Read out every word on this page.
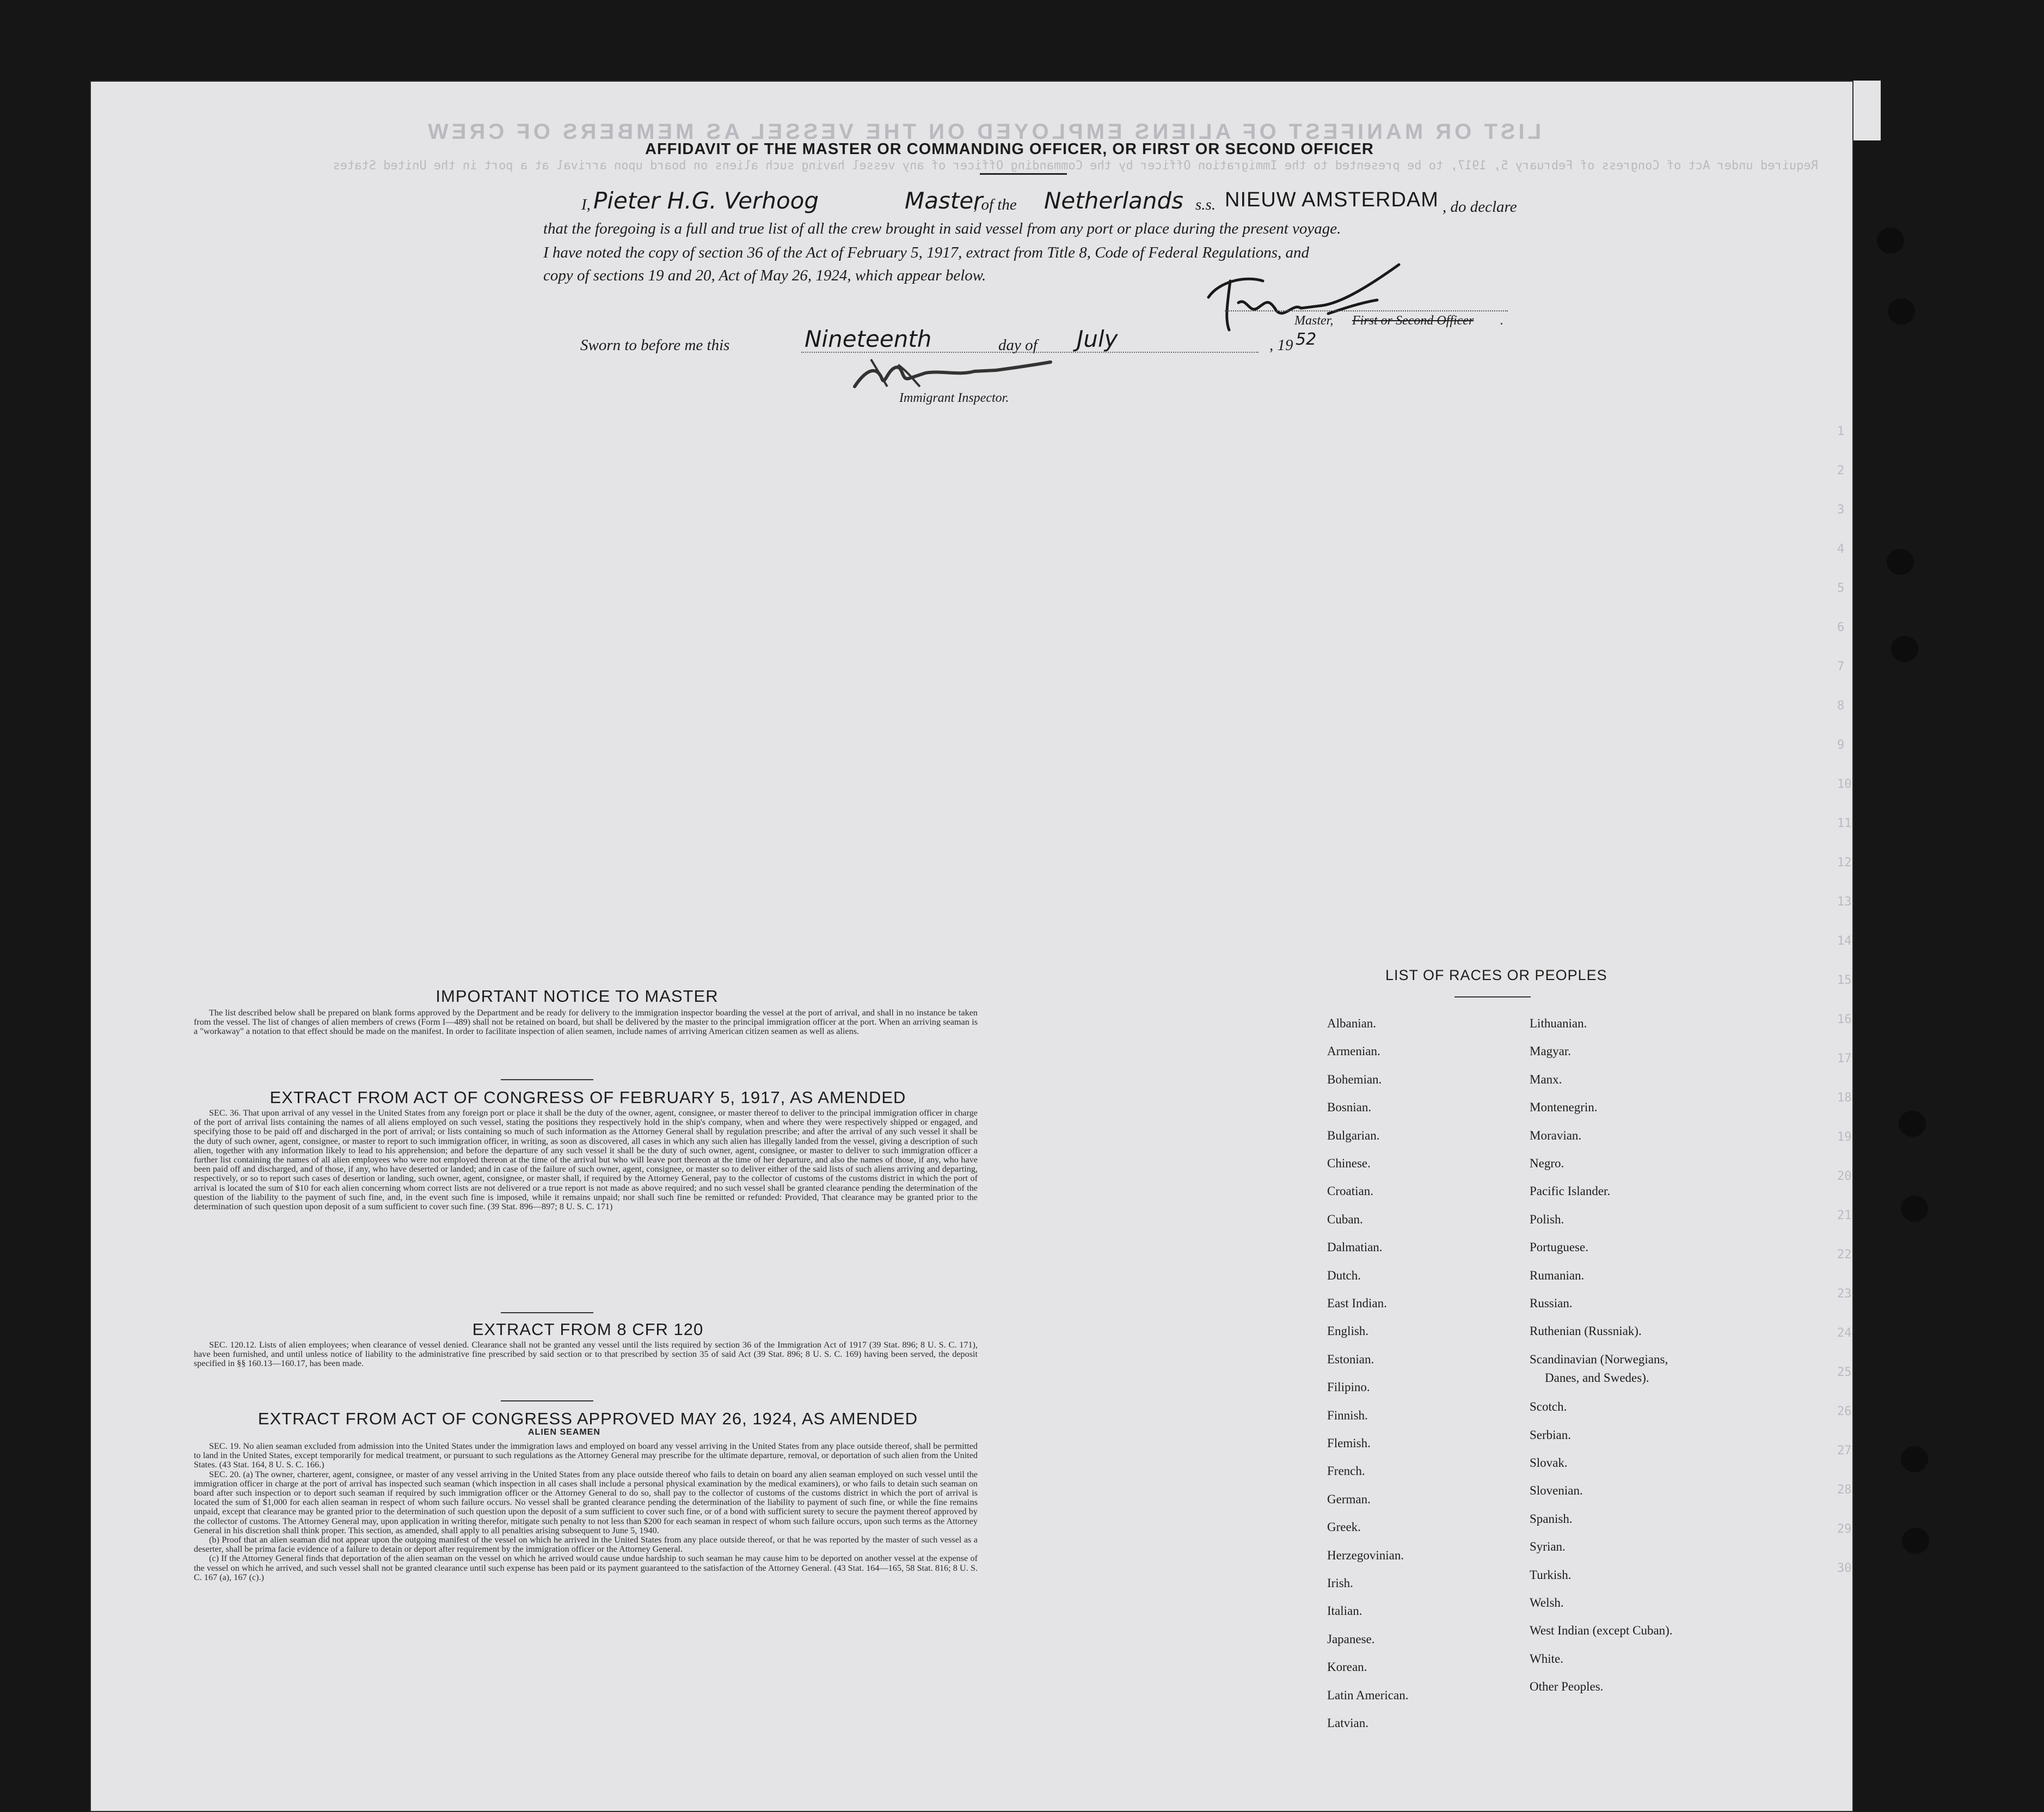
LIST OR MANIFEST OF ALIENS EMPLOYED ON THE VESSEL AS MEMBERS OF CREW
Required under Act of Congress of February 5, 1917, to be presented to the Immigration Officer by the Commanding Officer of any vessel having such aliens on board upon arrival at a port in the United States
1
2
3
4
5
6
7
8
9
10
11
12
13
14
15
16
17
18
19
20
21
22
23
24
25
26
27
28
29
30
AFFIDAVIT OF THE MASTER OR COMMANDING OFFICER, OR FIRST OR SECOND OFFICER
I, Pieter H.G. Verhoog	Master
, of the Netherlands s.s. NIEUW AMSTERDAM , do declare
that the foregoing is a full and true list of all the crew brought in said vessel from any port or place during the present voyage.
I have noted the copy of section 36 of the Act of February 5, 1917, extract from Title 8, Code of Federal Regulations, and
copy of sections 19 and 20, Act of May 26, 1924, which appear below.
Master, First or Second Officer .
Sworn to before me this	Nineteenth	day of July	, 19 52
Immigrant Inspector.
IMPORTANT NOTICE TO MASTER

The list described below shall be prepared on blank forms approved by the Department and be ready for delivery to the immigration inspector boarding the vessel at the port of arrival, and shall in no instance be taken from the vessel. The list of changes of alien members of crews (Form I—489) shall not be retained on board, but shall be delivered by the master to the principal immigration officer at the port. When an arriving seaman is a "workaway" a notation to that effect should be made on the manifest. In order to facilitate inspection of alien seamen, include names of arriving American citizen seamen as well as aliens.

EXTRACT FROM ACT OF CONGRESS OF FEBRUARY 5, 1917, AS AMENDED

SEC. 36. That upon arrival of any vessel in the United States from any foreign port or place it shall be the duty of the owner, agent, consignee, or master thereof to deliver to the principal immigration officer in charge of the port of arrival lists containing the names of all aliens employed on such vessel, stating the positions they respectively hold in the ship's company, when and where they were respectively shipped or engaged, and specifying those to be paid off and discharged in the port of arrival; or lists containing so much of such information as the Attorney General shall by regulation prescribe; and after the arrival of any such vessel it shall be the duty of such owner, agent, consignee, or master to report to such immigration officer, in writing, as soon as discovered, all cases in which any such alien has illegally landed from the vessel, giving a description of such alien, together with any information likely to lead to his apprehension; and before the departure of any such vessel it shall be the duty of such owner, agent, consignee, or master to deliver to such immigration officer a further list containing the names of all alien employees who were not employed thereon at the time of the arrival but who will leave port thereon at the time of her departure, and also the names of those, if any, who have been paid off and discharged, and of those, if any, who have deserted or landed; and in case of the failure of such owner, agent, consignee, or master so to deliver either of the said lists of such aliens arriving and departing, respectively, or so to report such cases of desertion or landing, such owner, agent, consignee, or master shall, if required by the Attorney General, pay to the collector of customs of the customs district in which the port of arrival is located the sum of $10 for each alien concerning whom correct lists are not delivered or a true report is not made as above required; and no such vessel shall be granted clearance pending the determination of the question of the liability to the payment of such fine, and, in the event such fine is imposed, while it remains unpaid; nor shall such fine be remitted or refunded: Provided, That clearance may be granted prior to the determination of such question upon deposit of a sum sufficient to cover such fine. (39 Stat. 896—897; 8 U. S. C. 171)

EXTRACT FROM 8 CFR 120

SEC. 120.12. Lists of alien employees; when clearance of vessel denied. Clearance shall not be granted any vessel until the lists required by section 36 of the Immigration Act of 1917 (39 Stat. 896; 8 U. S. C. 171), have been furnished, and until unless notice of liability to the administrative fine prescribed by said section or to that prescribed by section 35 of said Act (39 Stat. 896; 8 U. S. C. 169) having been served, the deposit specified in §§ 160.13—160.17, has been made.

EXTRACT FROM ACT OF CONGRESS APPROVED MAY 26, 1924, AS AMENDED
ALIEN SEAMEN

SEC. 19. No alien seaman excluded from admission into the United States under the immigration laws and employed on board any vessel arriving in the United States from any place outside thereof, shall be permitted to land in the United States, except temporarily for medical treatment, or pursuant to such regulations as the Attorney General may prescribe for the ultimate departure, removal, or deportation of such alien from the United States. (43 Stat. 164, 8 U. S. C. 166.)

SEC. 20. (a) The owner, charterer, agent, consignee, or master of any vessel arriving in the United States from any place outside thereof who fails to detain on board any alien seaman employed on such vessel until the immigration officer in charge at the port of arrival has inspected such seaman (which inspection in all cases shall include a personal physical examination by the medical examiners), or who fails to detain such seaman on board after such inspection or to deport such seaman if required by such immigration officer or the Attorney General to do so, shall pay to the collector of customs of the customs district in which the port of arrival is located the sum of $1,000 for each alien seaman in respect of whom such failure occurs. No vessel shall be granted clearance pending the determination of the liability to payment of such fine, or while the fine remains unpaid, except that clearance may be granted prior to the determination of such question upon the deposit of a sum sufficient to cover such fine, or of a bond with sufficient surety to secure the payment thereof approved by the collector of customs. The Attorney General may, upon application in writing therefor, mitigate such penalty to not less than $200 for each seaman in respect of whom such failure occurs, upon such terms as the Attorney General in his discretion shall think proper. This section, as amended, shall apply to all penalties arising subsequent to June 5, 1940.

(b) Proof that an alien seaman did not appear upon the outgoing manifest of the vessel on which he arrived in the United States from any place outside thereof, or that he was reported by the master of such vessel as a deserter, shall be prima facie evidence of a failure to detain or deport after requirement by the immigration officer or the Attorney General.

(c) If the Attorney General finds that deportation of the alien seaman on the vessel on which he arrived would cause undue hardship to such seaman he may cause him to be deported on another vessel at the expense of the vessel on which he arrived, and such vessel shall not be granted clearance until such expense has been paid or its payment guaranteed to the satisfaction of the Attorney General. (43 Stat. 164—165, 58 Stat. 816; 8 U. S. C. 167 (a), 167 (c).)

LIST OF RACES OR PEOPLES
Albanian.
Armenian.
Bohemian.
Bosnian.
Bulgarian.
Chinese.
Croatian.
Cuban.
Dalmatian.
Dutch.
East Indian.
English.
Estonian.
Filipino.
Finnish.
Flemish.
French.
German.
Greek.
Herzegovinian.
Irish.
Italian.
Japanese.
Korean.
Latin American.
Latvian.
Lithuanian.
Magyar.
Manx.
Montenegrin.
Moravian.
Negro.
Pacific Islander.
Polish.
Portuguese.
Rumanian.
Russian.
Ruthenian (Russniak).
Scandinavian (Norwegians,
Danes, and Swedes).
Scotch.
Serbian.
Slovak.
Slovenian.
Spanish.
Syrian.
Turkish.
Welsh.
West Indian (except Cuban).
White.
Other Peoples.
